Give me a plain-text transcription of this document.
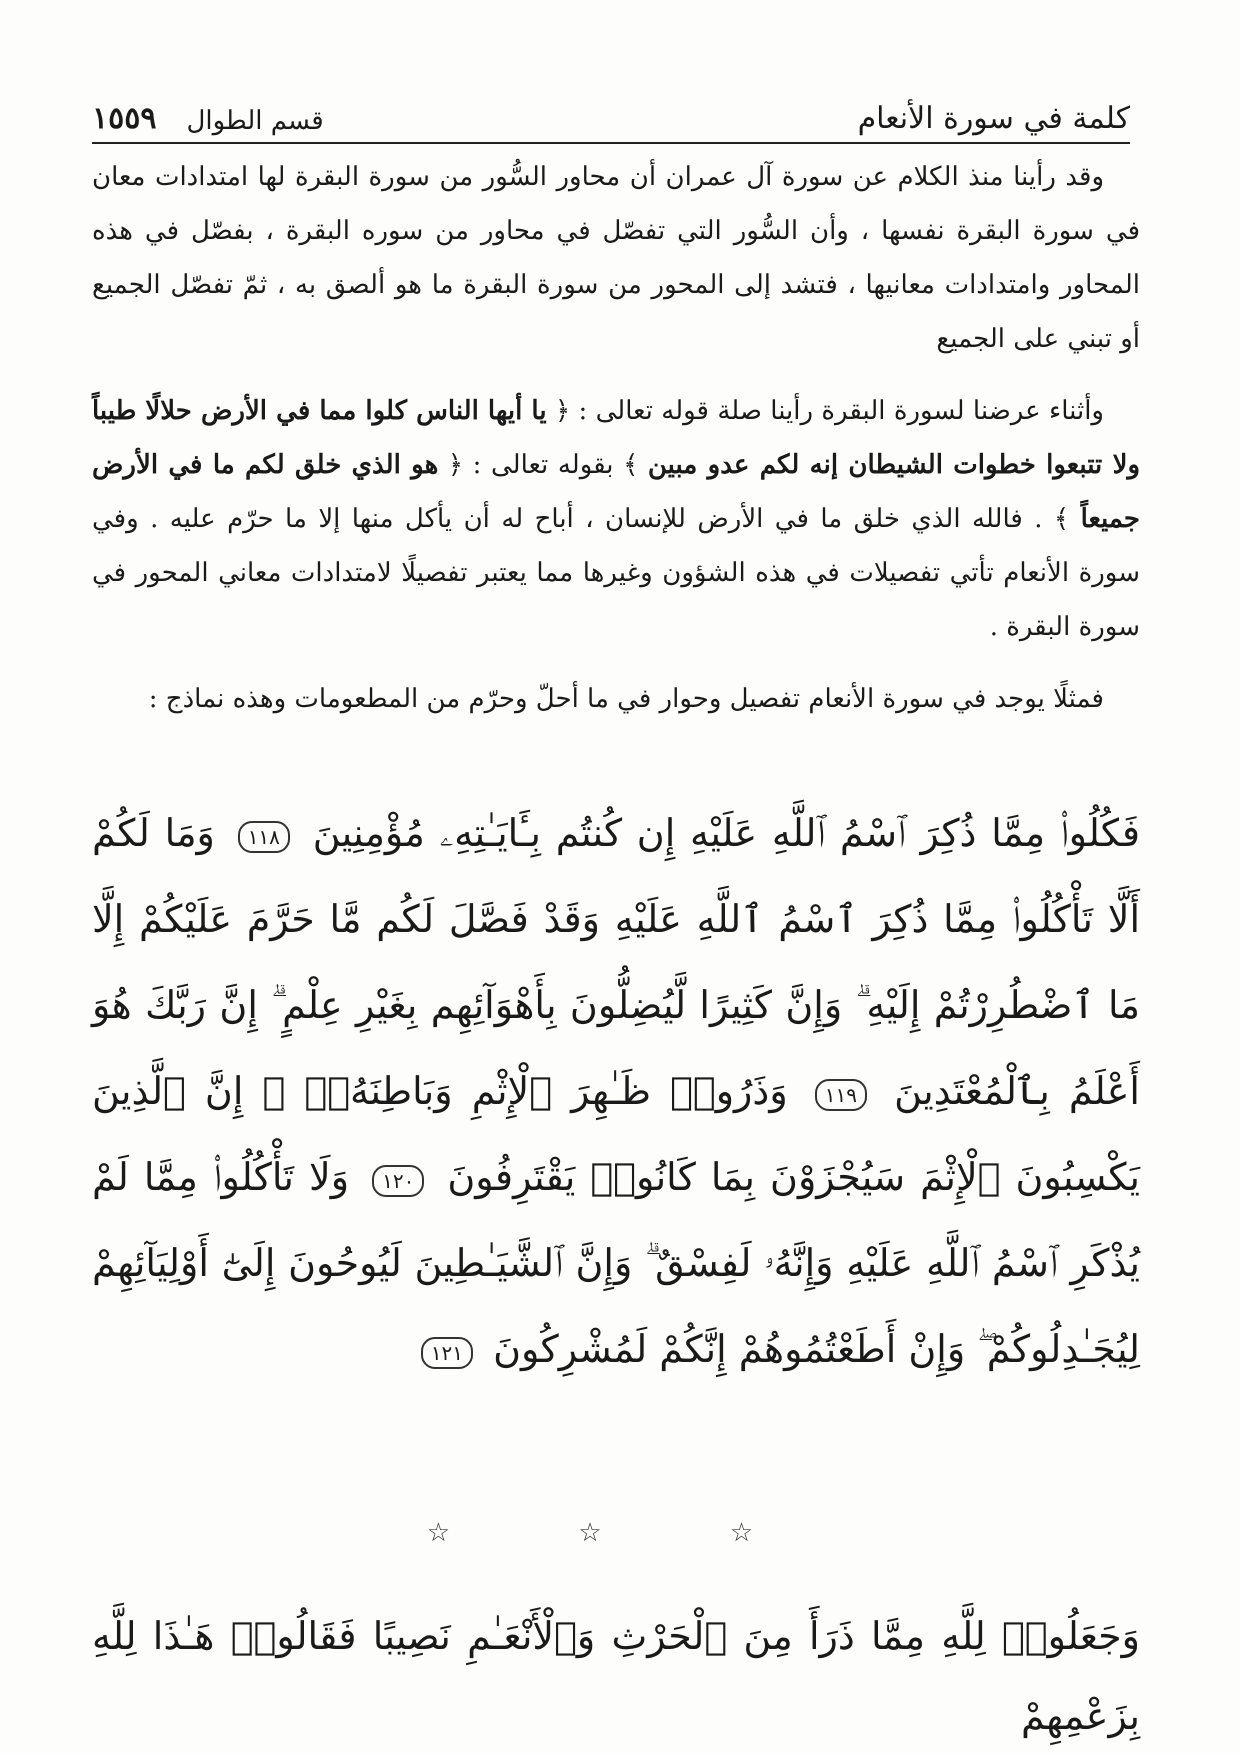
كلمة في سورة الأنعام
قسم الطوال
١٥٥٩

وقد رأينا منذ الكلام عن سورة آل عمران أن محاور السُّور من سورة البقرة لها امتدادات معان في سورة البقرة نفسها ، وأن السُّور التي تفصّل في محاور من سوره البقرة ، بفصّل في هذه المحاور وامتدادات معانيها ، فتشد إلى المحور من سورة البقرة ما هو ألصق به ، ثمّ تفصّل الجميع أو تبني على الجميع

وأثناء عرضنا لسورة البقرة رأينا صلة قوله تعالى : ﴿ يا أيها الناس كلوا مما في الأرض حلالًا طيباً ولا تتبعوا خطوات الشيطان إنه لكم عدو مبين ﴾ بقوله تعالى : ﴿ هو الذي خلق لكم ما في الأرض جميعاً ﴾ . فالله الذي خلق ما في الأرض للإنسان ، أباح له أن يأكل منها إلا ما حرّم عليه . وفي سورة الأنعام تأتي تفصيلات في هذه الشؤون وغيرها مما يعتبر تفصيلًا لامتدادات معاني المحور في سورة البقرة .

فمثلًا يوجد في سورة الأنعام تفصيل وحوار في ما أحلّ وحرّم من المطعومات وهذه نماذج :

فَكُلُوا۟ مِمَّا ذُكِرَ ٱسْمُ ٱللَّهِ عَلَيْهِ إِن كُنتُم بِـَٔايَـٰتِهِۦ مُؤْمِنِينَ ١١٨ وَمَا لَكُمْ أَلَّا تَأْكُلُوا۟ مِمَّا ذُكِرَ ٱسْمُ ٱللَّهِ عَلَيْهِ وَقَدْ فَصَّلَ لَكُم مَّا حَرَّمَ عَلَيْكُمْ إِلَّا مَا ٱضْطُرِرْتُمْ إِلَيْهِ ۗ وَإِنَّ كَثِيرًا لَّيُضِلُّونَ بِأَهْوَآئِهِم بِغَيْرِ عِلْمٍ ۗ إِنَّ رَبَّكَ هُوَ أَعْلَمُ بِٱلْمُعْتَدِينَ ١١٩ وَذَرُوا۟ ظَـٰهِرَ ٱلْإِثْمِ وَبَاطِنَهُۥٓ ۚ إِنَّ ٱلَّذِينَ يَكْسِبُونَ ٱلْإِثْمَ سَيُجْزَوْنَ بِمَا كَانُوا۟ يَقْتَرِفُونَ ١٢٠ وَلَا تَأْكُلُوا۟ مِمَّا لَمْ يُذْكَرِ ٱسْمُ ٱللَّهِ عَلَيْهِ وَإِنَّهُۥ لَفِسْقٌ ۗ وَإِنَّ ٱلشَّيَـٰطِينَ لَيُوحُونَ إِلَىٰٓ أَوْلِيَآئِهِمْ لِيُجَـٰدِلُوكُمْ ۖ وَإِنْ أَطَعْتُمُوهُمْ إِنَّكُمْ لَمُشْرِكُونَ ١٢١
☆ ☆ ☆
وَجَعَلُوا۟ لِلَّهِ مِمَّا ذَرَأَ مِنَ ٱلْحَرْثِ وَٱلْأَنْعَـٰمِ نَصِيبًا فَقَالُوا۟ هَـٰذَا لِلَّهِ بِزَعْمِهِمْ
